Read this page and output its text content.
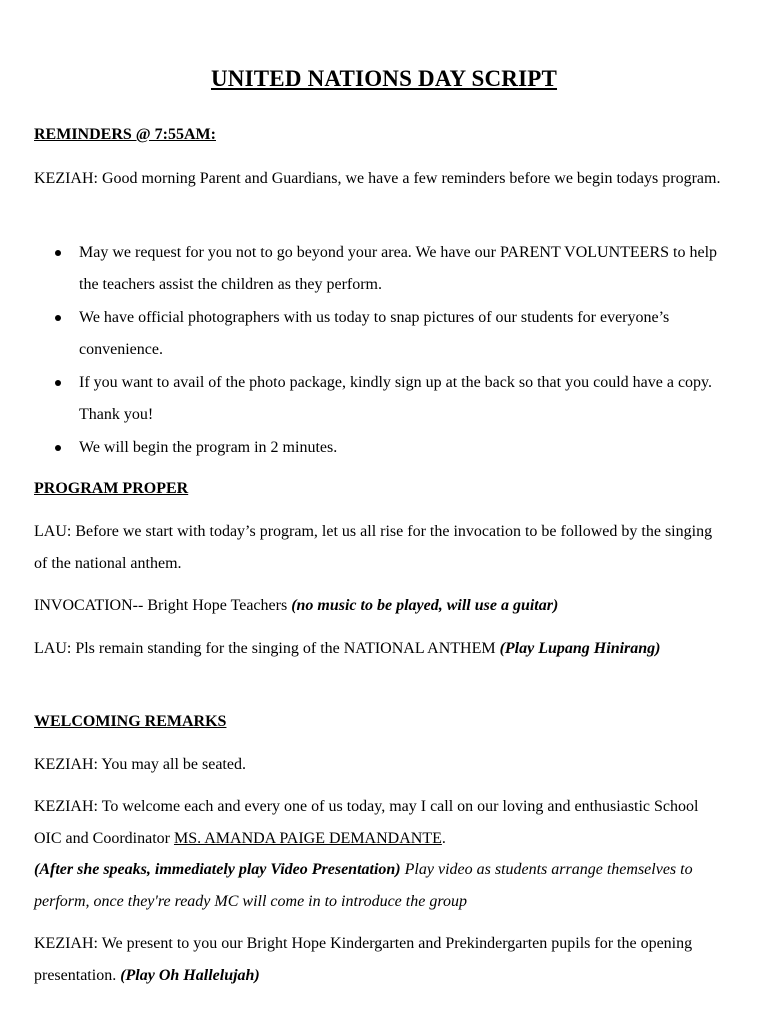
UNITED NATIONS DAY SCRIPT
REMINDERS @ 7:55AM:
KEZIAH: Good morning Parent and Guardians, we have a few reminders before we begin todays program.
May we request for you not to go beyond your area. We have our PARENT VOLUNTEERS to help the teachers assist the children as they perform.
We have official photographers with us today to snap pictures of our students for everyone’s convenience.
If you want to avail of the photo package, kindly sign up at the back so that you could have a copy. Thank you!
We will begin the program in 2 minutes.
PROGRAM PROPER
LAU: Before we start with today’s program, let us all rise for the invocation to be followed by the singing of the national anthem.
INVOCATION-- Bright Hope Teachers (no music to be played, will use a guitar)
LAU: Pls remain standing for the singing of the NATIONAL ANTHEM (Play Lupang Hinirang)
WELCOMING REMARKS
KEZIAH: You may all be seated.
KEZIAH: To welcome each and every one of us today, may I call on our loving and enthusiastic School OIC and Coordinator MS. AMANDA PAIGE DEMANDANTE.
(After she speaks, immediately play Video Presentation) Play video as students arrange themselves to perform, once they're ready MC will come in to introduce the group
KEZIAH: We present to you our Bright Hope Kindergarten and Prekindergarten pupils for the opening presentation. (Play Oh Hallelujah)
